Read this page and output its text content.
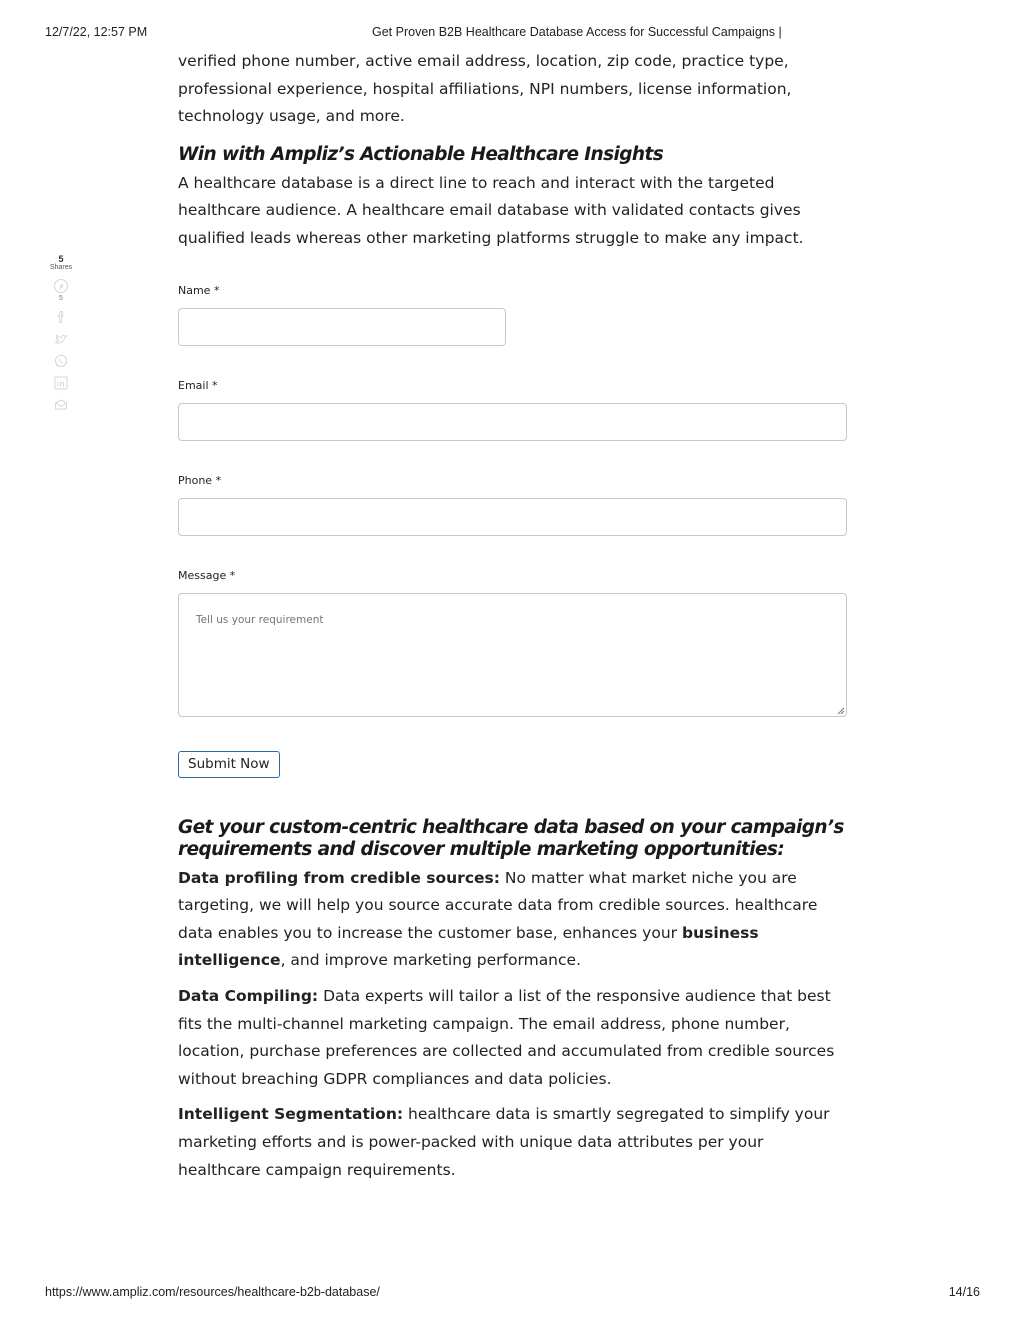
12/7/22, 12:57 PM	Get Proven B2B Healthcare Database Access for Successful Campaigns |
5
Shares
5

verified phone number, active email address, location, zip code, practice type, professional experience, hospital affiliations, NPI numbers, license information, technology usage, and more.

Win with Ampliz’s Actionable Healthcare Insights

A healthcare database is a direct line to reach and interact with the targeted healthcare audience. A healthcare email database with validated contacts gives qualified leads whereas other marketing platforms struggle to make any impact.

Name *
Email *
Phone *
Message *
Tell us your requirement
Submit Now
Get your custom-centric healthcare data based on your campaign’s requirements and discover multiple marketing opportunities:

Data profiling from credible sources: No matter what market niche you are targeting, we will help you source accurate data from credible sources. healthcare data enables you to increase the customer base, enhances your business intelligence, and improve marketing performance.

Data Compiling: Data experts will tailor a list of the responsive audience that best fits the multi-channel marketing campaign. The email address, phone number, location, purchase preferences are collected and accumulated from credible sources without breaching GDPR compliances and data policies.

Intelligent Segmentation: healthcare data is smartly segregated to simplify your marketing efforts and is power-packed with unique data attributes per your healthcare campaign requirements.

https://www.ampliz.com/resources/healthcare-b2b-database/	14/16
